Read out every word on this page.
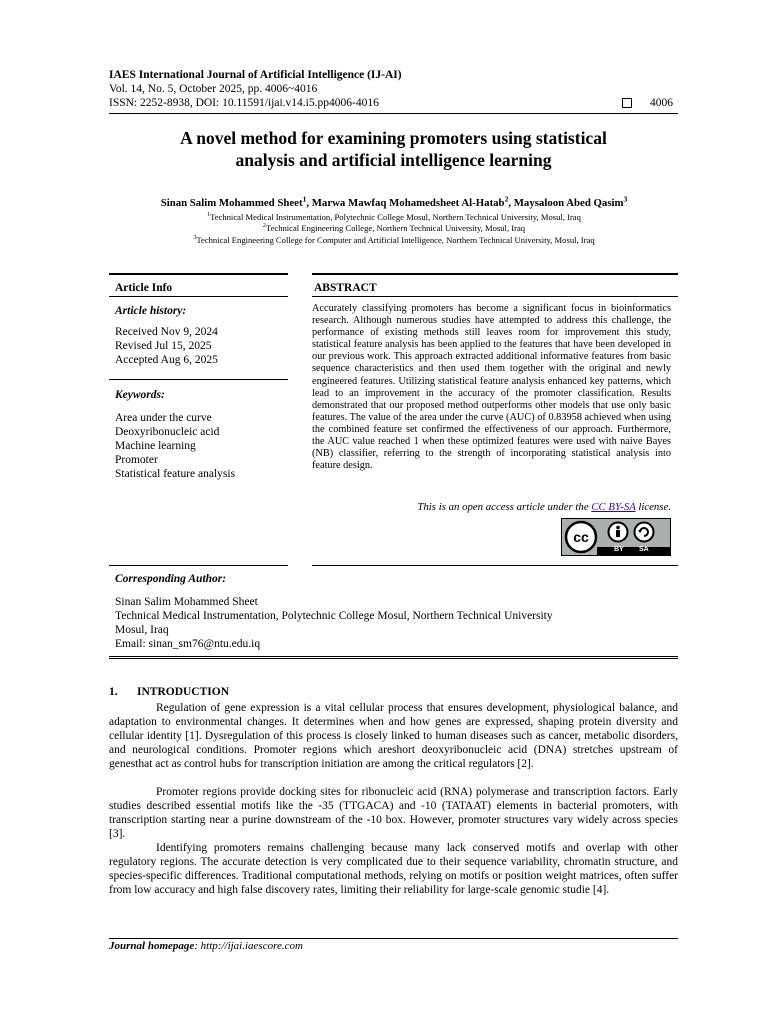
IAES International Journal of Artificial Intelligence (IJ-AI)
Vol. 14, No. 5, October 2025, pp. 4006~4016
ISSN: 2252-8938, DOI: 10.11591/ijai.v14.i5.pp4006-4016	4006
A novel method for examining promoters using statistical
analysis and artificial intelligence learning
Sinan Salim Mohammed Sheet$^1$, Marwa Mawfaq Mohamedsheet Al-Hatab$^2$, Maysaloon Abed Qasim$^3$
$^1$Technical Medical Instrumentation, Polytechnic College Mosul, Northern Technical University, Mosul, Iraq
$^2$Technical Engineering College, Northern Technical University, Mosul, Iraq
$^3$Technical Engineering College for Computer and Artificial Intelligence, Northern Technical University, Mosul, Iraq
Article Info	ABSTRACT
Article history:
Received Nov 9, 2024
Revised Jul 15, 2025
Accepted Aug 6, 2025
Keywords:
Area under the curve
Deoxyribonucleic acid
Machine learning
Promoter
Statistical feature analysis
Accurately classifying promoters has become a significant focus in bioinformatics research. Although numerous studies have attempted to address this challenge, the performance of existing methods still leaves room for improvement this study, statistical feature analysis has been applied to the features that have been developed in our previous work. This approach extracted additional informative features from basic sequence characteristics and then used them together with the original and newly engineered features. Utilizing statistical feature analysis enhanced key patterns, which lead to an improvement in the accuracy of the promoter classification. Results demonstrated that our proposed method outperforms other models that use only basic features. The value of the area under the curve (AUC) of 0.83958 achieved when using the combined feature set confirmed the effectiveness of our approach. Furthermore, the AUC value reached 1 when these optimized features were used with naive Bayes (NB) classifier, referring to the strength of incorporating statistical analysis into feature design.
This is an open access article under the CC BY-SA license.
cc
BY SA
Corresponding Author:
Sinan Salim Mohammed Sheet
Technical Medical Instrumentation, Polytechnic College Mosul, Northern Technical University
Mosul, Iraq
Email: sinan_sm76@ntu.edu.iq
1. INTRODUCTION
Regulation of gene expression is a vital cellular process that ensures development, physiological balance, and adaptation to environmental changes. It determines when and how genes are expressed, shaping protein diversity and cellular identity [1]. Dysregulation of this process is closely linked to human diseases such as cancer, metabolic disorders, and neurological conditions. Promoter regions which areshort deoxyribonucleic acid (DNA) stretches upstream of genesthat act as control hubs for transcription initiation are among the critical regulators [2].
Promoter regions provide docking sites for ribonucleic acid (RNA) polymerase and transcription factors. Early studies described essential motifs like the -35 (TTGACA) and -10 (TATAAT) elements in bacterial promoters, with transcription starting near a purine downstream of the -10 box. However, promoter structures vary widely across species [3].
Identifying promoters remains challenging because many lack conserved motifs and overlap with other regulatory regions. The accurate detection is very complicated due to their sequence variability, chromatin structure, and species-specific differences. Traditional computational methods, relying on motifs or position weight matrices, often suffer from low accuracy and high false discovery rates, limiting their reliability for large-scale genomic studie [4].
Journal homepage: http://ijai.iaescore.com
